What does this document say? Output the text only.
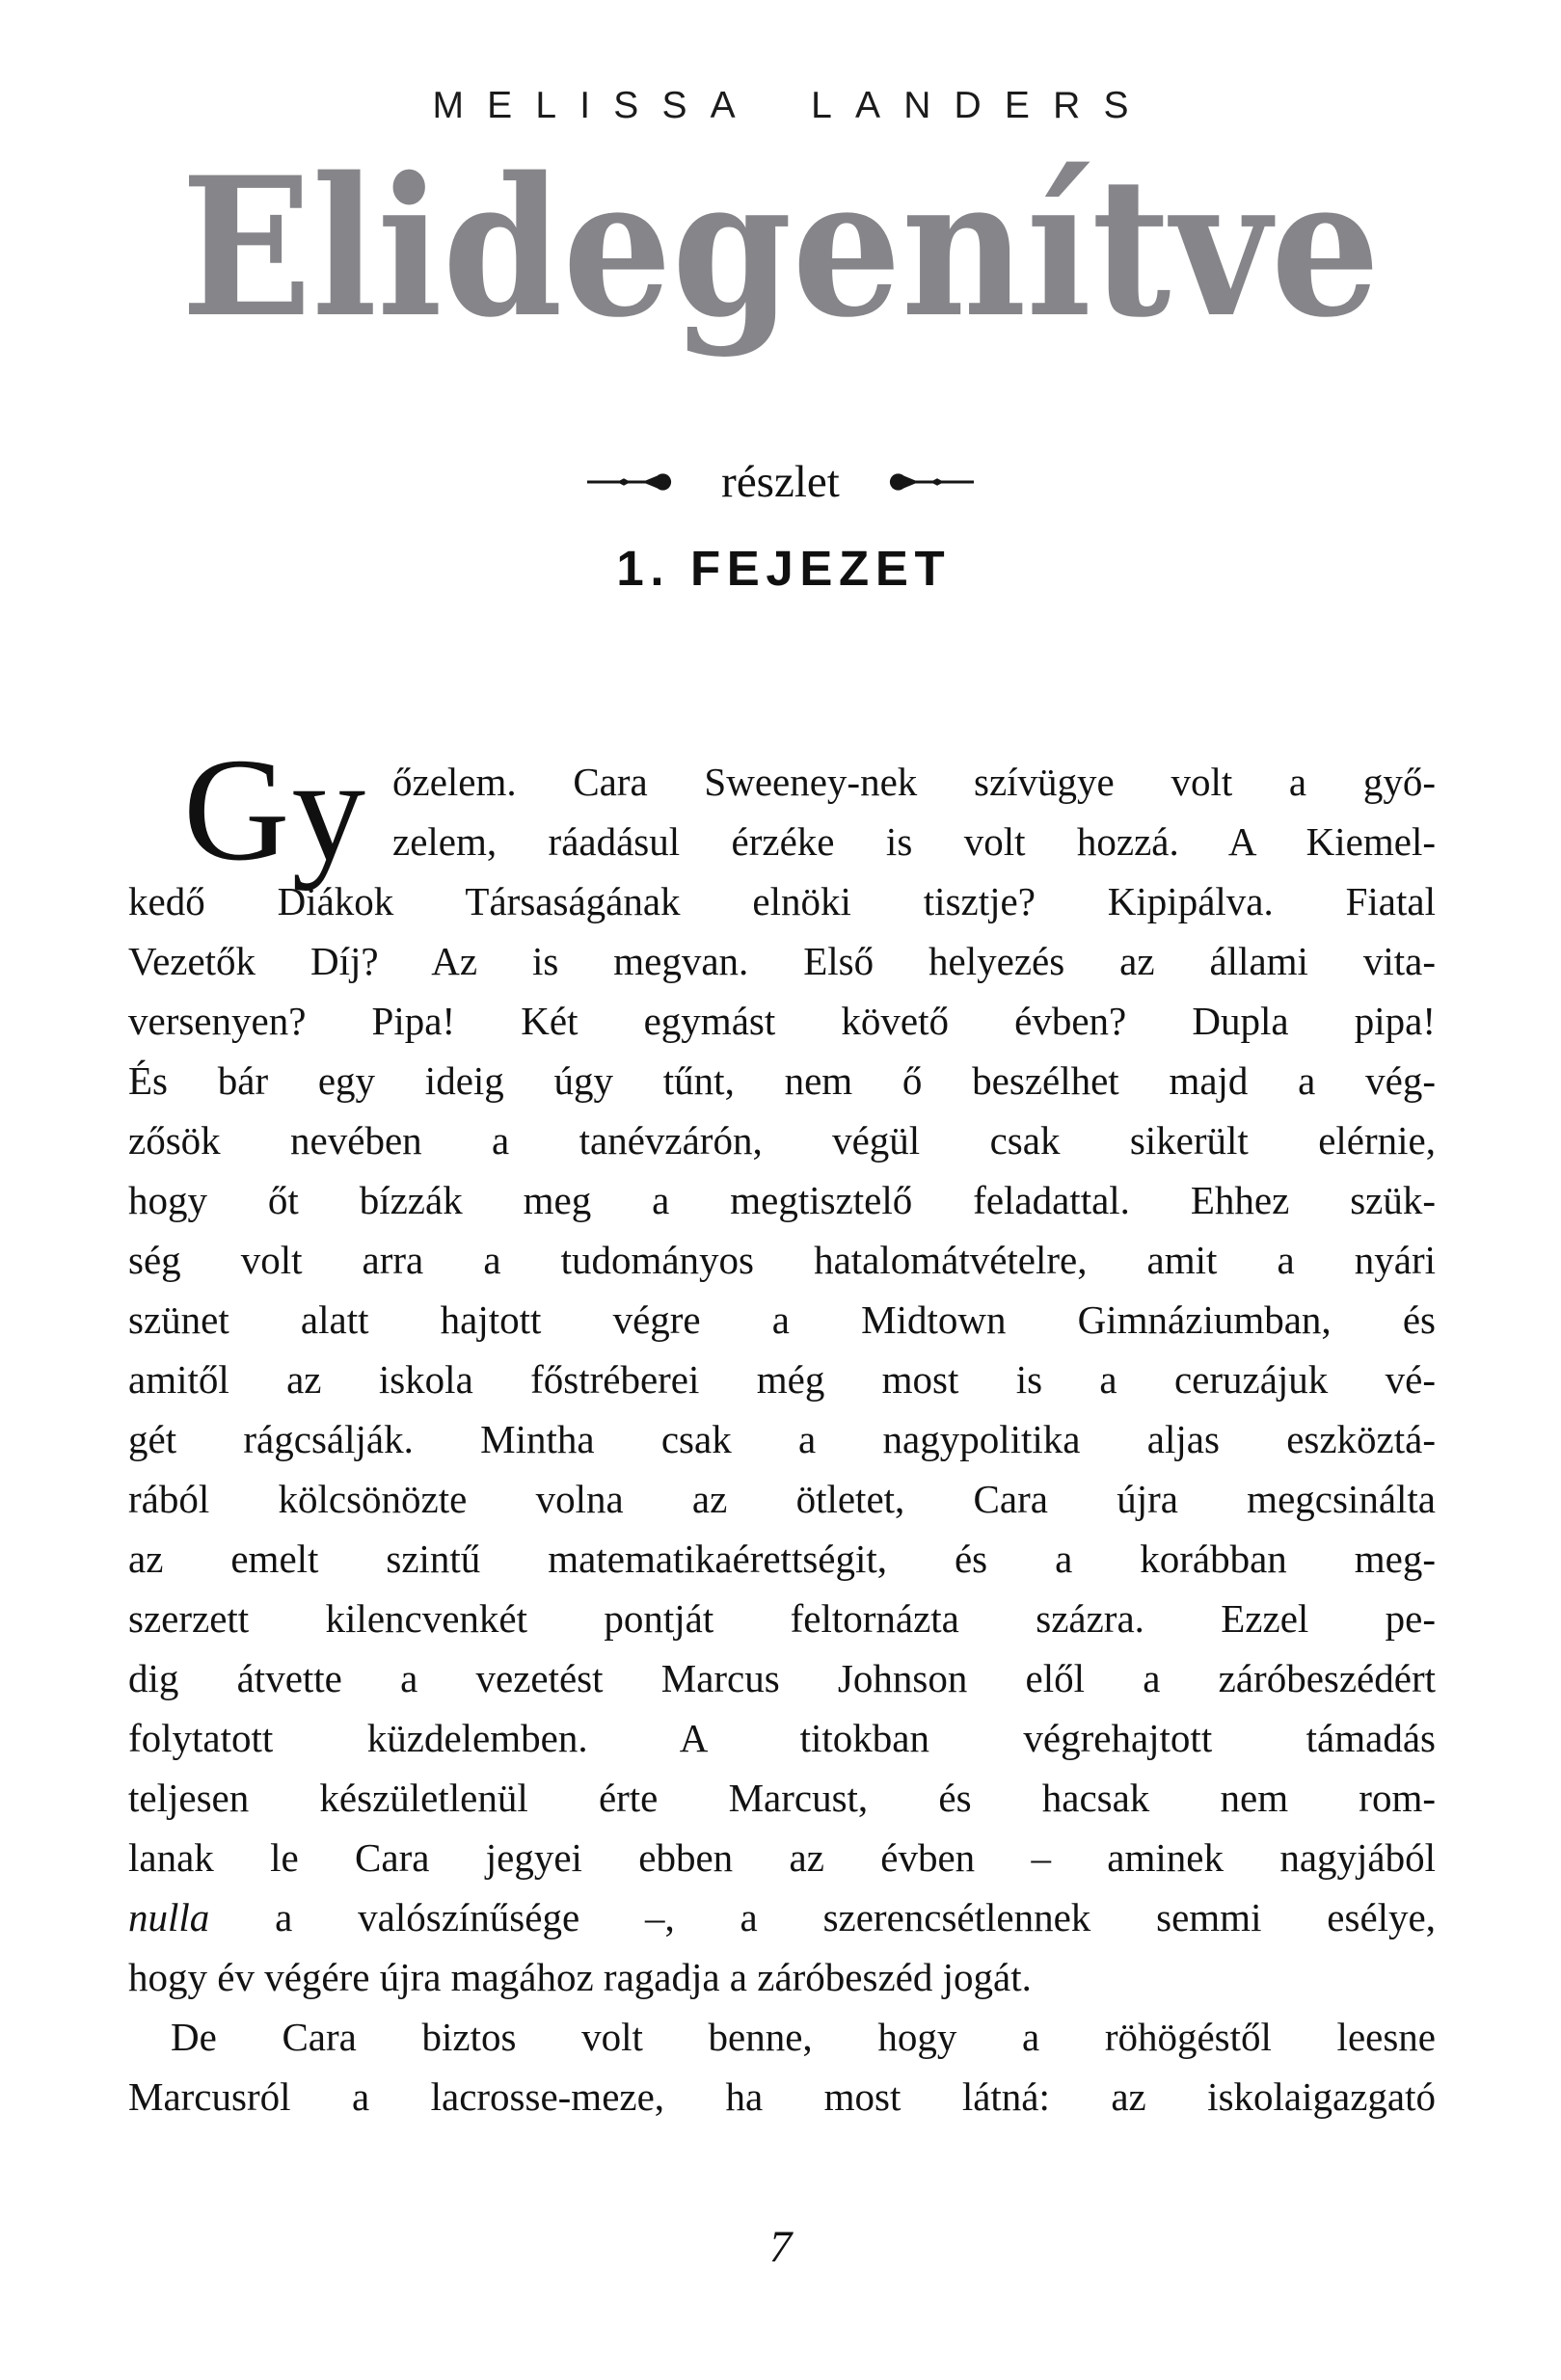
MELISSA LANDERS
Elidegenítve
részlet
1. FEJEZET
Gy őzelem. Cara Sweeney-nek szívügye volt a győ-
zelem, ráadásul érzéke is volt hozzá. A Kiemel-
kedő Diákok Társaságának elnöki tisztje? Kipipálva. Fiatal
Vezetők Díj? Az is megvan. Első helyezés az állami vita-
versenyen? Pipa! Két egymást követő évben? Dupla pipa!
És bár egy ideig úgy tűnt, nem ő beszélhet majd a vég-
zősök nevében a tanévzárón, végül csak sikerült elérnie,
hogy őt bízzák meg a megtisztelő feladattal. Ehhez szük-
ség volt arra a tudományos hatalomátvételre, amit a nyári
szünet alatt hajtott végre a Midtown Gimnáziumban, és
amitől az iskola főstréberei még most is a ceruzájuk vé-
gét rágcsálják. Mintha csak a nagypolitika aljas eszköztá-
rából kölcsönözte volna az ötletet, Cara újra megcsinálta
az emelt szintű matematikaérettségit, és a korábban meg-
szerzett kilencvenkét pontját feltornázta százra. Ezzel pe-
dig átvette a vezetést Marcus Johnson elől a záróbeszédért
folytatott küzdelemben. A titokban végrehajtott támadás
teljesen készületlenül érte Marcust, és hacsak nem rom-
lanak le Cara jegyei ebben az évben – aminek nagyjából
nulla a valószínűsége –, a szerencsétlennek semmi esélye,
hogy év végére újra magához ragadja a záróbeszéd jogát.
De Cara biztos volt benne, hogy a röhögéstől leesne
Marcusról a lacrosse-meze, ha most látná: az iskolaigazgató
7
